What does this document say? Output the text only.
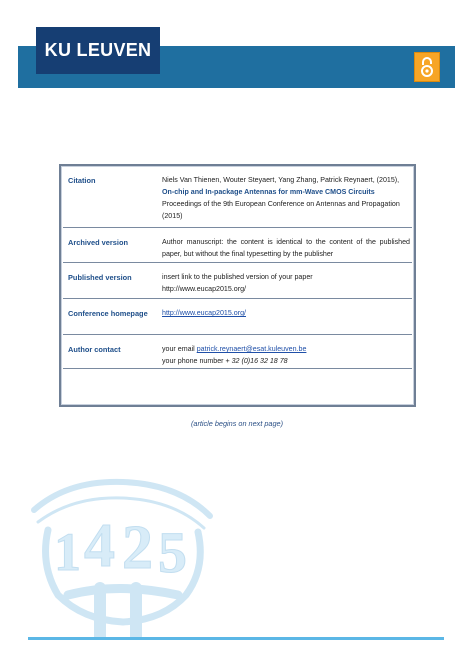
KU LEUVEN
Citation	Niels Van Thienen, Wouter Steyaert, Yang Zhang, Patrick Reynaert, (2015),
On-chip and In-package Antennas for mm-Wave CMOS Circuits
Proceedings of the 9th European Conference on Antennas and Propagation
(2015)
Archived version	Author manuscript: the content is identical to the content of the published paper, but without the final typesetting by the publisher
Published version	insert link to the published version of your paper
http://www.eucap2015.org/
Conference homepage http://www.eucap2015.org/
Author contact	your email patrick.reynaert@esat.kuleuven.be
your phone number + 32 (0)16 32 18 78
(article begins on next page)
1 4 2 5
